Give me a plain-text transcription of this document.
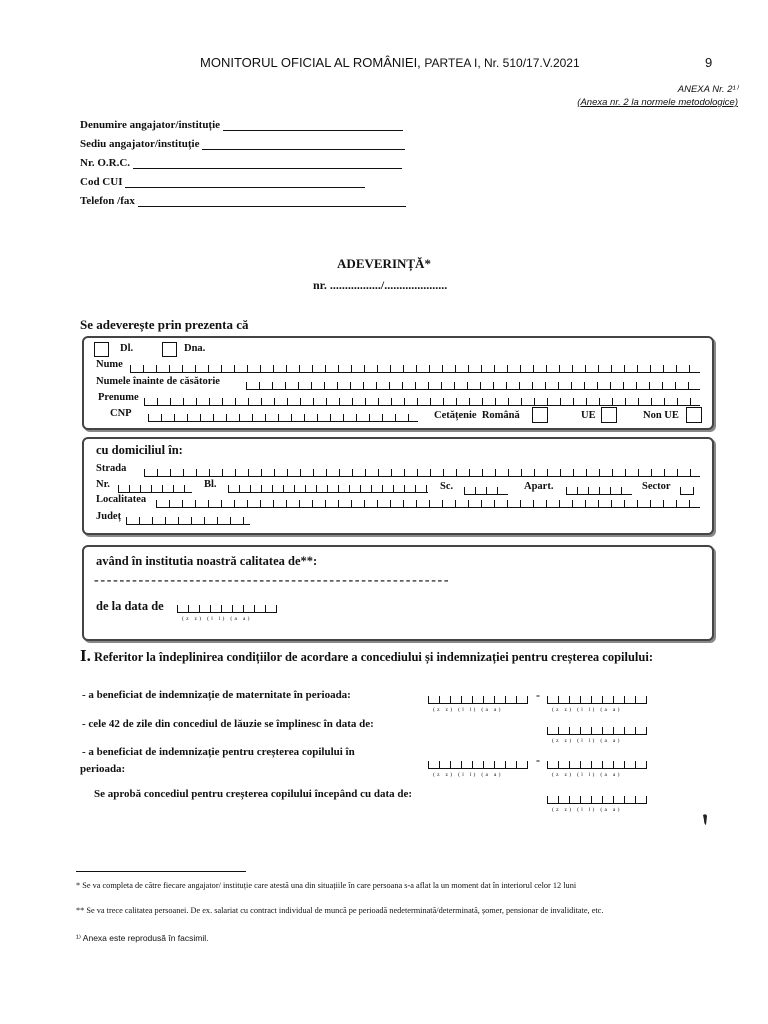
MONITORUL OFICIAL AL ROMÂNIEI, PARTEA I, Nr. 510/17.V.2021	9
ANEXA Nr. 2¹⁾
(Anexa nr. 2 la normele metodologice)
Denumire angajator/instituție
Sediu angajator/instituție
Nr. O.R.C.
Cod CUI
Telefon /fax
ADEVERINȚĂ*
nr. ................./.....................
Se adeverește prin prezenta că
Dl.	Dna.
Nume
Numele înainte de căsătorie
Prenume
CNP	Cetățenie Română	UE	Non UE
cu domiciliul în:
Strada
Nr.	Bl.	Sc.	Apart.	Sector
Localitatea
Județ
având în institutia noastră calitatea de**:
--------------------------------------------------------
de la data de
(z z) (l l) (a a)
I. Referitor la îndeplinirea condițiilor de acordare a concediului și indemnizației pentru creșterea copilului:
- a beneficiat de indemnizație de maternitate în perioada:
(z z) (l l) (a a)
-
(z z) (l l) (a a)
- cele 42 de zile din concediul de lăuzie se împlinesc în data de:
(z z) (l l) (a a)
- a beneficiat de indemnizație pentru creșterea copilului în
perioada:	(z z) (l l) (a a)
-
(z z) (l l) (a a)
Se aprobă concediul pentru creșterea copilului începând cu data de:
(z z) (l l) (a a)
* Se va completa de către fiecare angajator/ instituție care atestă una din situațiile în care persoana s-a aflat la un moment dat în interiorul celor 12 luni
** Se va trece calitatea persoanei. De ex. salariat cu contract individual de muncă pe perioadă nedeterminată/determinată, șomer, pensionar de invaliditate, etc.
¹⁾ Anexa este reprodusă în facsimil.
